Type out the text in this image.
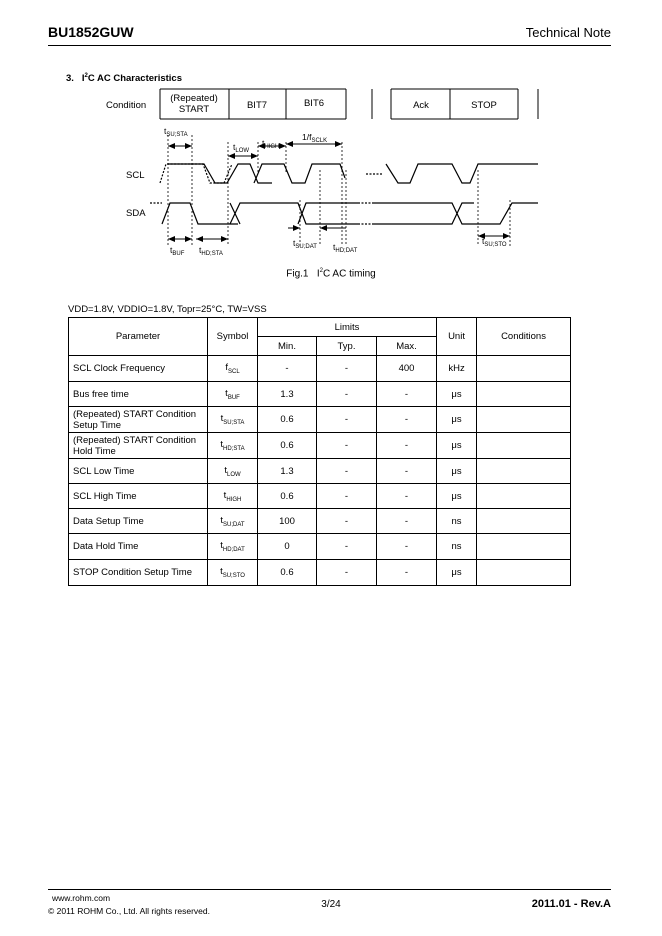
BU1852GUW	Technical Note
3. $I^2C$ AC Characteristics
Condition
(Repeated)
START	BIT7	BIT6	Ack	STOP
SCL
SDA
$t_{SU;STA}$
$t_{LOW}$
$t_{HIGH}$
$1/f_{SCLK}$
$t_{BUF}$ $t_{HD;STA}$
$t_{SU;DAT}$ $t_{HD;DAT}$
$t_{SU;STO}$
Fig.1 $I^2C$ AC timing
VDD=1.8V, VDDIO=1.8V, Topr=25°C, TW=VSS
Parameter	Symbol	Limits			Unit	Conditions
		Min.	Typ.	Max.		
SCL Clock Frequency	$f_{SCL}$	-	-	400	kHz	
Bus free time	$t_{BUF}$	1.3	-	-	μs	
(Repeated) START Condition Setup Time	$t_{SU;STA}$	0.6	-	-	μs	
(Repeated) START Condition Hold Time	$t_{HD;STA}$	0.6	-	-	μs	
SCL Low Time	$t_{LOW}$	1.3	-	-	μs	
SCL High Time	$t_{HIGH}$	0.6	-	-	μs	
Data Setup Time	$t_{SU;DAT}$	100	-	-	ns	
Data Hold Time	$t_{HD;DAT}$	0	-	-	ns	
STOP Condition Setup Time	$t_{SU;STO}$	0.6	-	-	μs	
www.rohm.com
© 2011 ROHM Co., Ltd. All rights reserved.
3/24	2011.01 - Rev.A
